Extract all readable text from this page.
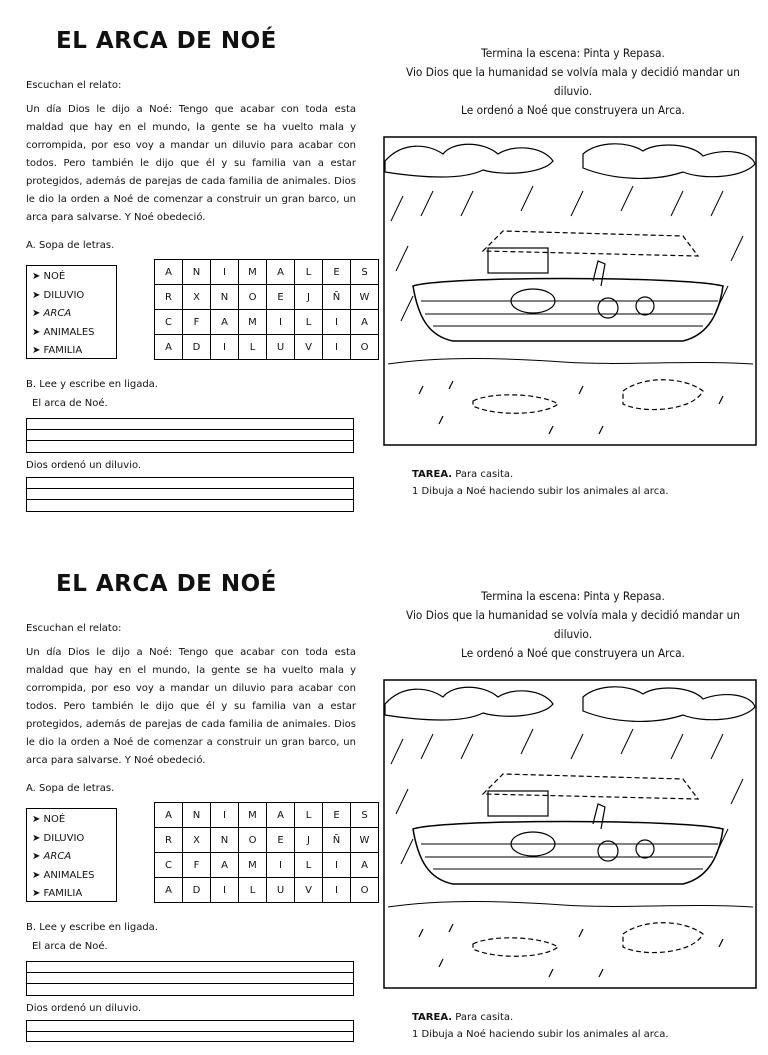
EL ARCA DE NOÉ
Escuchan el relato:
Un día Dios le dijo a Noé: Tengo que acabar con toda esta maldad que hay en el mundo, la gente se ha vuelto mala y corrompida, por eso voy a mandar un diluvio para acabar con todos. Pero también le dijo que él y su familia van a estar protegidos, además de parejas de cada familia de animales. Dios le dio la orden a Noé de comenzar a construir un gran barco, un arca para salvarse. Y Noé obedeció.
A. Sopa de letras.
➤ NOÉ
➤ DILUVIO
➤ ARCA
➤ ANIMALES
➤ FAMILIA
A	N	I	M	A	L	E	S
R	X	N	O	E	J	Ñ	W
C	F	A	M	I	L	I	A
A	D	I	L	U	V	I	O
B. Lee y escribe en ligada.
El arca de Noé.
Dios ordenó un diluvio.
Termina la escena: Pinta y Repasa.
Vio Dios que la humanidad se volvía mala y decidió mandar un diluvio.
Le ordenó a Noé que construyera un Arca.
TAREA. Para casita.
1 Dibuja a Noé haciendo subir los animales al arca.
EL ARCA DE NOÉ
Escuchan el relato:
Un día Dios le dijo a Noé: Tengo que acabar con toda esta maldad que hay en el mundo, la gente se ha vuelto mala y corrompida, por eso voy a mandar un diluvio para acabar con todos. Pero también le dijo que él y su familia van a estar protegidos, además de parejas de cada familia de animales. Dios le dio la orden a Noé de comenzar a construir un gran barco, un arca para salvarse. Y Noé obedeció.
A. Sopa de letras.
➤ NOÉ
➤ DILUVIO
➤ ARCA
➤ ANIMALES
➤ FAMILIA
A	N	I	M	A	L	E	S
R	X	N	O	E	J	Ñ	W
C	F	A	M	I	L	I	A
A	D	I	L	U	V	I	O
B. Lee y escribe en ligada.
El arca de Noé.
Dios ordenó un diluvio.
Termina la escena: Pinta y Repasa.
Vio Dios que la humanidad se volvía mala y decidió mandar un diluvio.
Le ordenó a Noé que construyera un Arca.
TAREA. Para casita.
1 Dibuja a Noé haciendo subir los animales al arca.
